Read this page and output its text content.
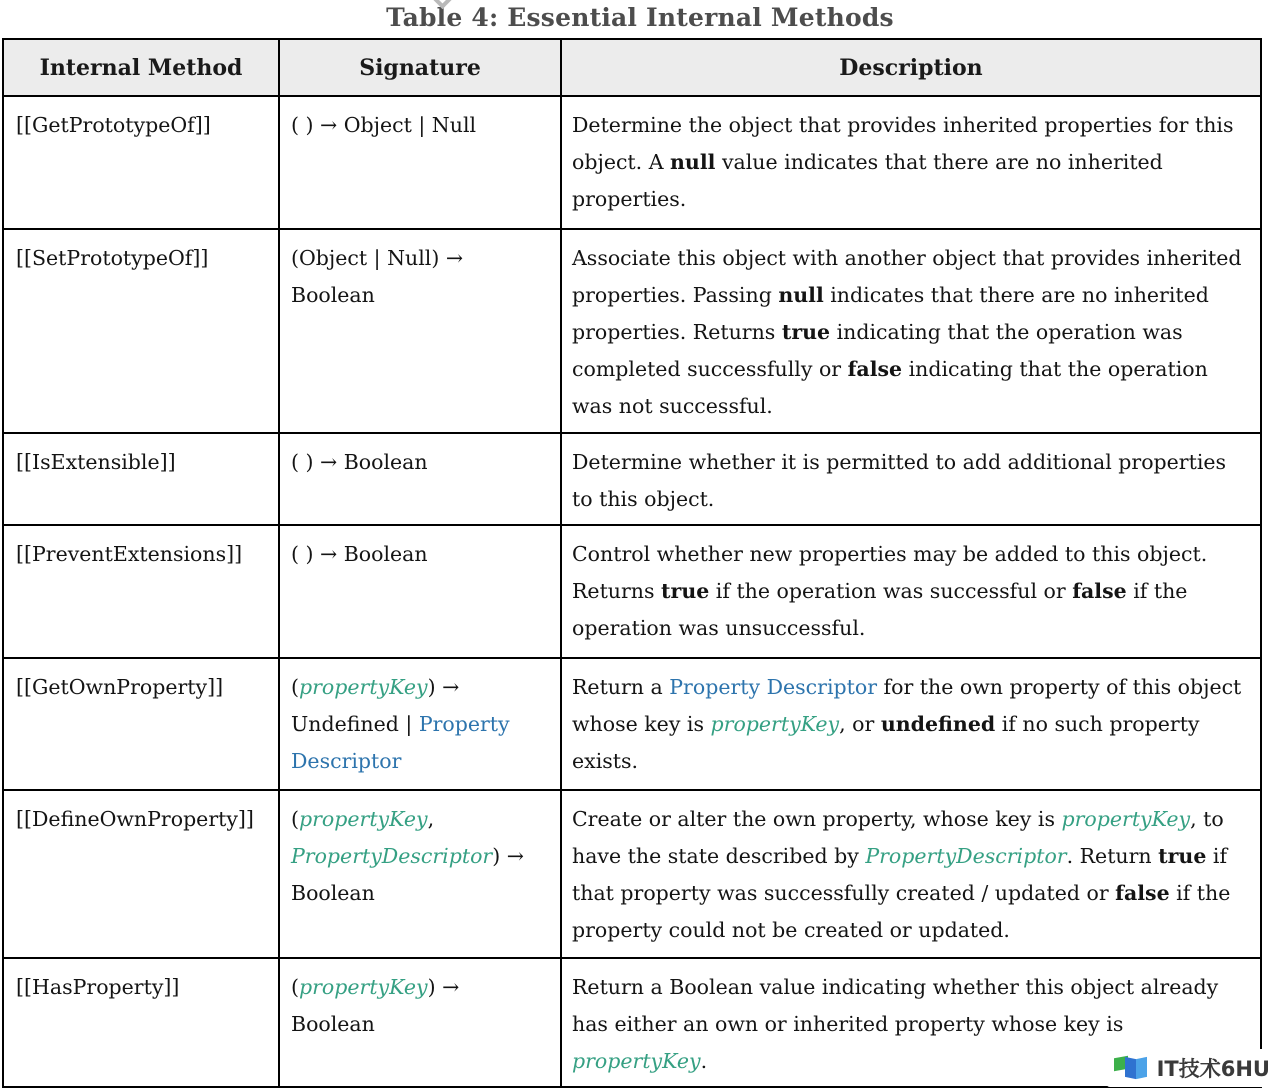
Table 4: Essential Internal Methods
Internal Method	Signature	Description
[[GetPrototypeOf]]	( ) → Object | Null	Determine the object that provides inherited properties for this object. A null value indicates that there are no inherited properties.
[[SetPrototypeOf]]	(Object | Null) → Boolean	Associate this object with another object that provides inherited properties. Passing null indicates that there are no inherited properties. Returns true indicating that the operation was completed successfully or false indicating that the operation was not successful.
[[IsExtensible]]	( ) → Boolean	Determine whether it is permitted to add additional properties to this object.
[[PreventExtensions]]	( ) → Boolean	Control whether new properties may be added to this object. Returns true if the operation was successful or false if the operation was unsuccessful.
[[GetOwnProperty]]	(propertyKey) → Undefined | Property Descriptor	Return a Property Descriptor for the own property of this object whose key is propertyKey, or undefined if no such property exists.
[[DefineOwnProperty]]	(propertyKey, PropertyDescriptor) → Boolean	Create or alter the own property, whose key is propertyKey, to have the state described by PropertyDescriptor. Return true if that property was successfully created / updated or false if the property could not be created or updated.
[[HasProperty]]	(propertyKey) → Boolean	Return a Boolean value indicating whether this object already has either an own or inherited property whose key is propertyKey.	IT技术6HU
